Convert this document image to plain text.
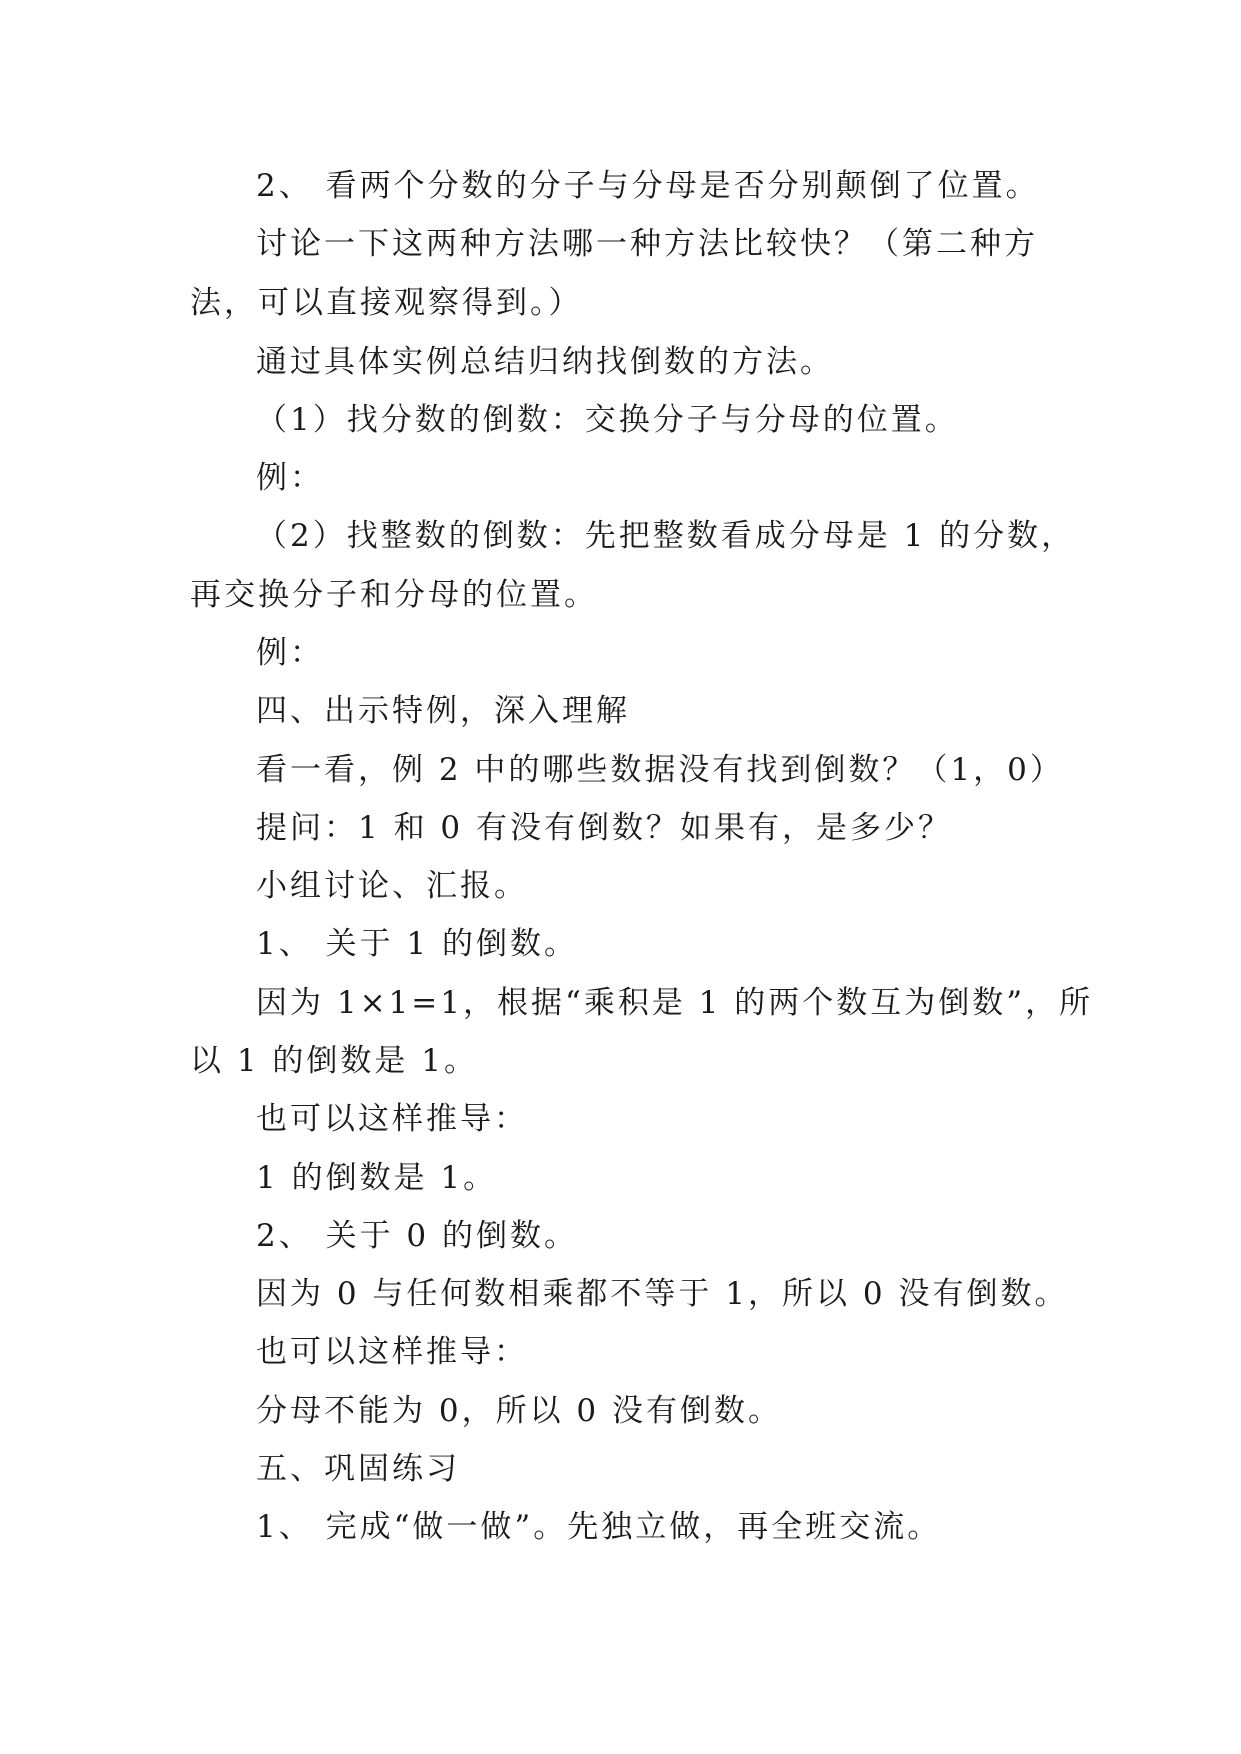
2、 看两个分数的分子与分母是否分别颠倒了位置。
讨论一下这两种方法哪一种方法比较快？（第二种方
法，可以直接观察得到。）
通过具体实例总结归纳找倒数的方法。
（1）找分数的倒数：交换分子与分母的位置。
例：
（2）找整数的倒数：先把整数看成分母是 1 的分数，
再交换分子和分母的位置。
例：
四、出示特例，深入理解
看一看，例 2 中的哪些数据没有找到倒数？（1，0）
提问：1 和 0 有没有倒数？如果有，是多少？
小组讨论、汇报。
1、 关于 1 的倒数。
因为 1×1=1，根据“乘积是 1 的两个数互为倒数”，所
以 1 的倒数是 1。
也可以这样推导：
1 的倒数是 1。
2、 关于 0 的倒数。
因为 0 与任何数相乘都不等于 1，所以 0 没有倒数。
也可以这样推导：
分母不能为 0，所以 0 没有倒数。
五、巩固练习
1、 完成“做一做”。先独立做，再全班交流。
